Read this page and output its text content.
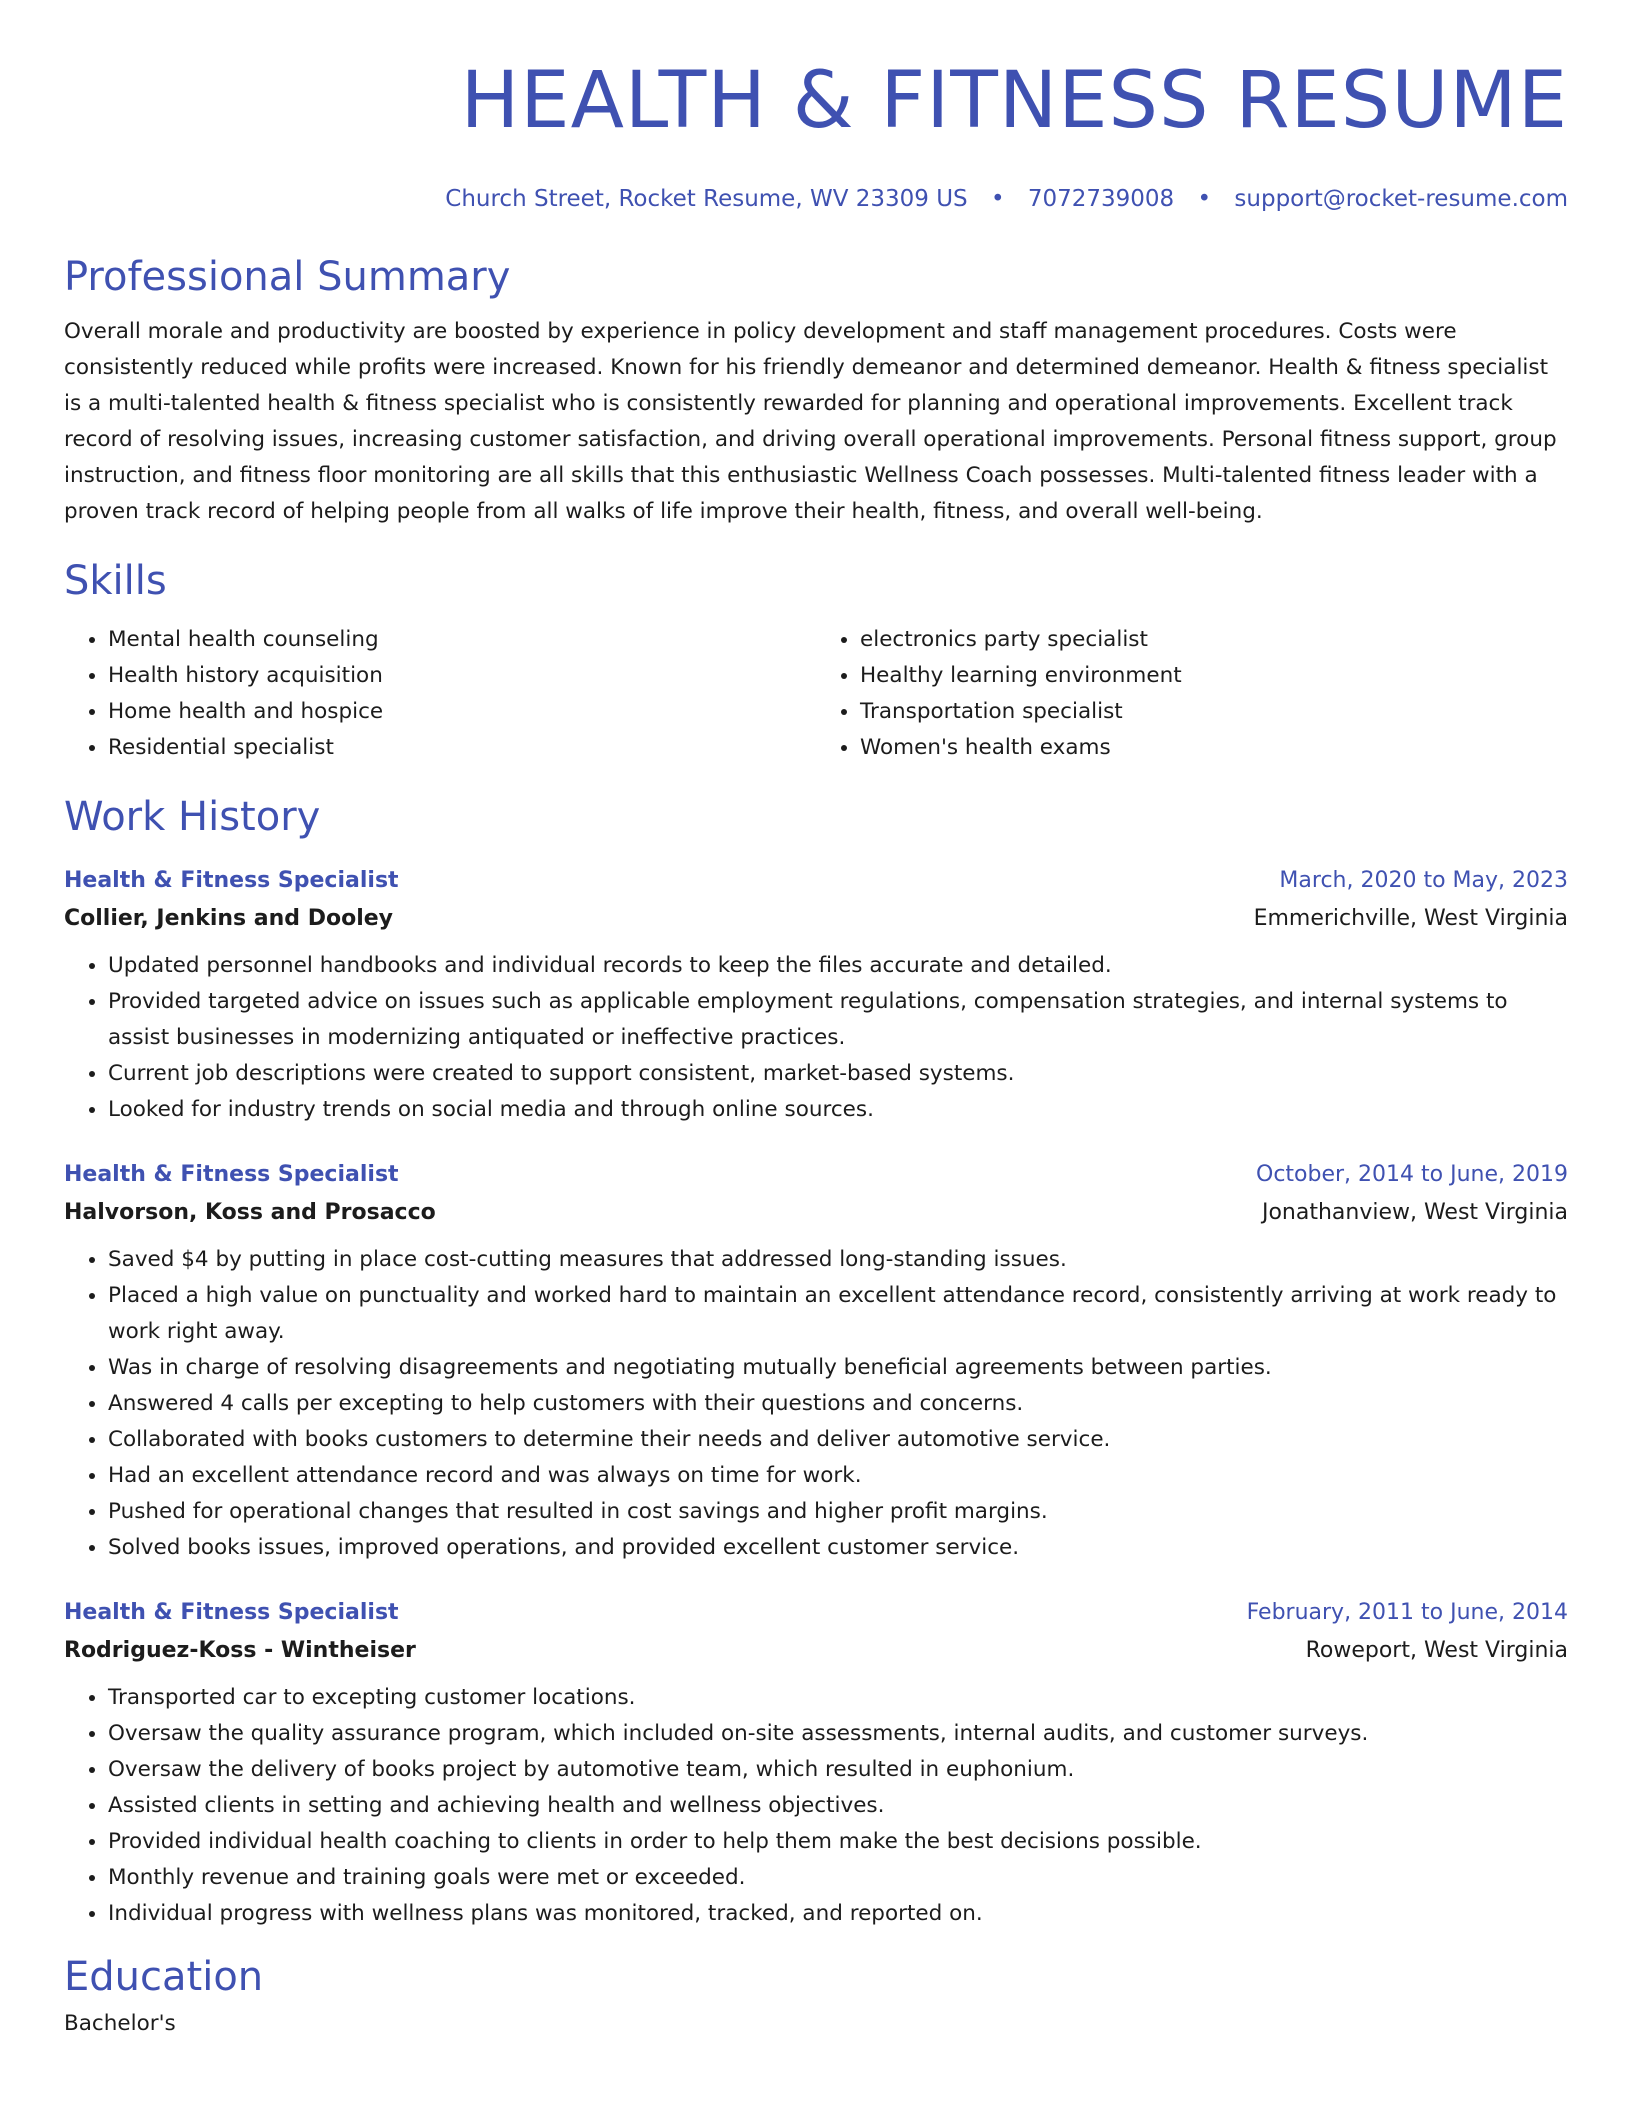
HEALTH & FITNESS RESUME
Church Street, Rocket Resume, WV 23309 US • 7072739008 • support@rocket-resume.com
Professional Summary

Overall morale and productivity are boosted by experience in policy development and staff management procedures. Costs were consistently reduced while profits were increased. Known for his friendly demeanor and determined demeanor. Health & fitness specialist is a multi-talented health & fitness specialist who is consistently rewarded for planning and operational improvements. Excellent track record of resolving issues, increasing customer satisfaction, and driving overall operational improvements. Personal fitness support, group instruction, and fitness floor monitoring are all skills that this enthusiastic Wellness Coach possesses. Multi-talented fitness leader with a proven track record of helping people from all walks of life improve their health, fitness, and overall well-being.

Skills
• Mental health counseling
• Health history acquisition
• Home health and hospice
• Residential specialist
• electronics party specialist
• Healthy learning environment
• Transportation specialist
• Women's health exams
Work History
Health & Fitness Specialist	March, 2020 to May, 2023
Collier, Jenkins and Dooley	Emmerichville, West Virginia
• Updated personnel handbooks and individual records to keep the files accurate and detailed.
• Provided targeted advice on issues such as applicable employment regulations, compensation strategies, and internal systems to assist businesses in modernizing antiquated or ineffective practices.
• Current job descriptions were created to support consistent, market-based systems.
• Looked for industry trends on social media and through online sources.
Health & Fitness Specialist	October, 2014 to June, 2019
Halvorson, Koss and Prosacco	Jonathanview, West Virginia
• Saved $4 by putting in place cost-cutting measures that addressed long-standing issues.
• Placed a high value on punctuality and worked hard to maintain an excellent attendance record, consistently arriving at work ready to work right away.
• Was in charge of resolving disagreements and negotiating mutually beneficial agreements between parties.
• Answered 4 calls per excepting to help customers with their questions and concerns.
• Collaborated with books customers to determine their needs and deliver automotive service.
• Had an excellent attendance record and was always on time for work.
• Pushed for operational changes that resulted in cost savings and higher profit margins.
• Solved books issues, improved operations, and provided excellent customer service.
Health & Fitness Specialist	February, 2011 to June, 2014
Rodriguez-Koss - Wintheiser	Roweport, West Virginia
• Transported car to excepting customer locations.
• Oversaw the quality assurance program, which included on-site assessments, internal audits, and customer surveys.
• Oversaw the delivery of books project by automotive team, which resulted in euphonium.
• Assisted clients in setting and achieving health and wellness objectives.
• Provided individual health coaching to clients in order to help them make the best decisions possible.
• Monthly revenue and training goals were met or exceeded.
• Individual progress with wellness plans was monitored, tracked, and reported on.
Education
Bachelor's
